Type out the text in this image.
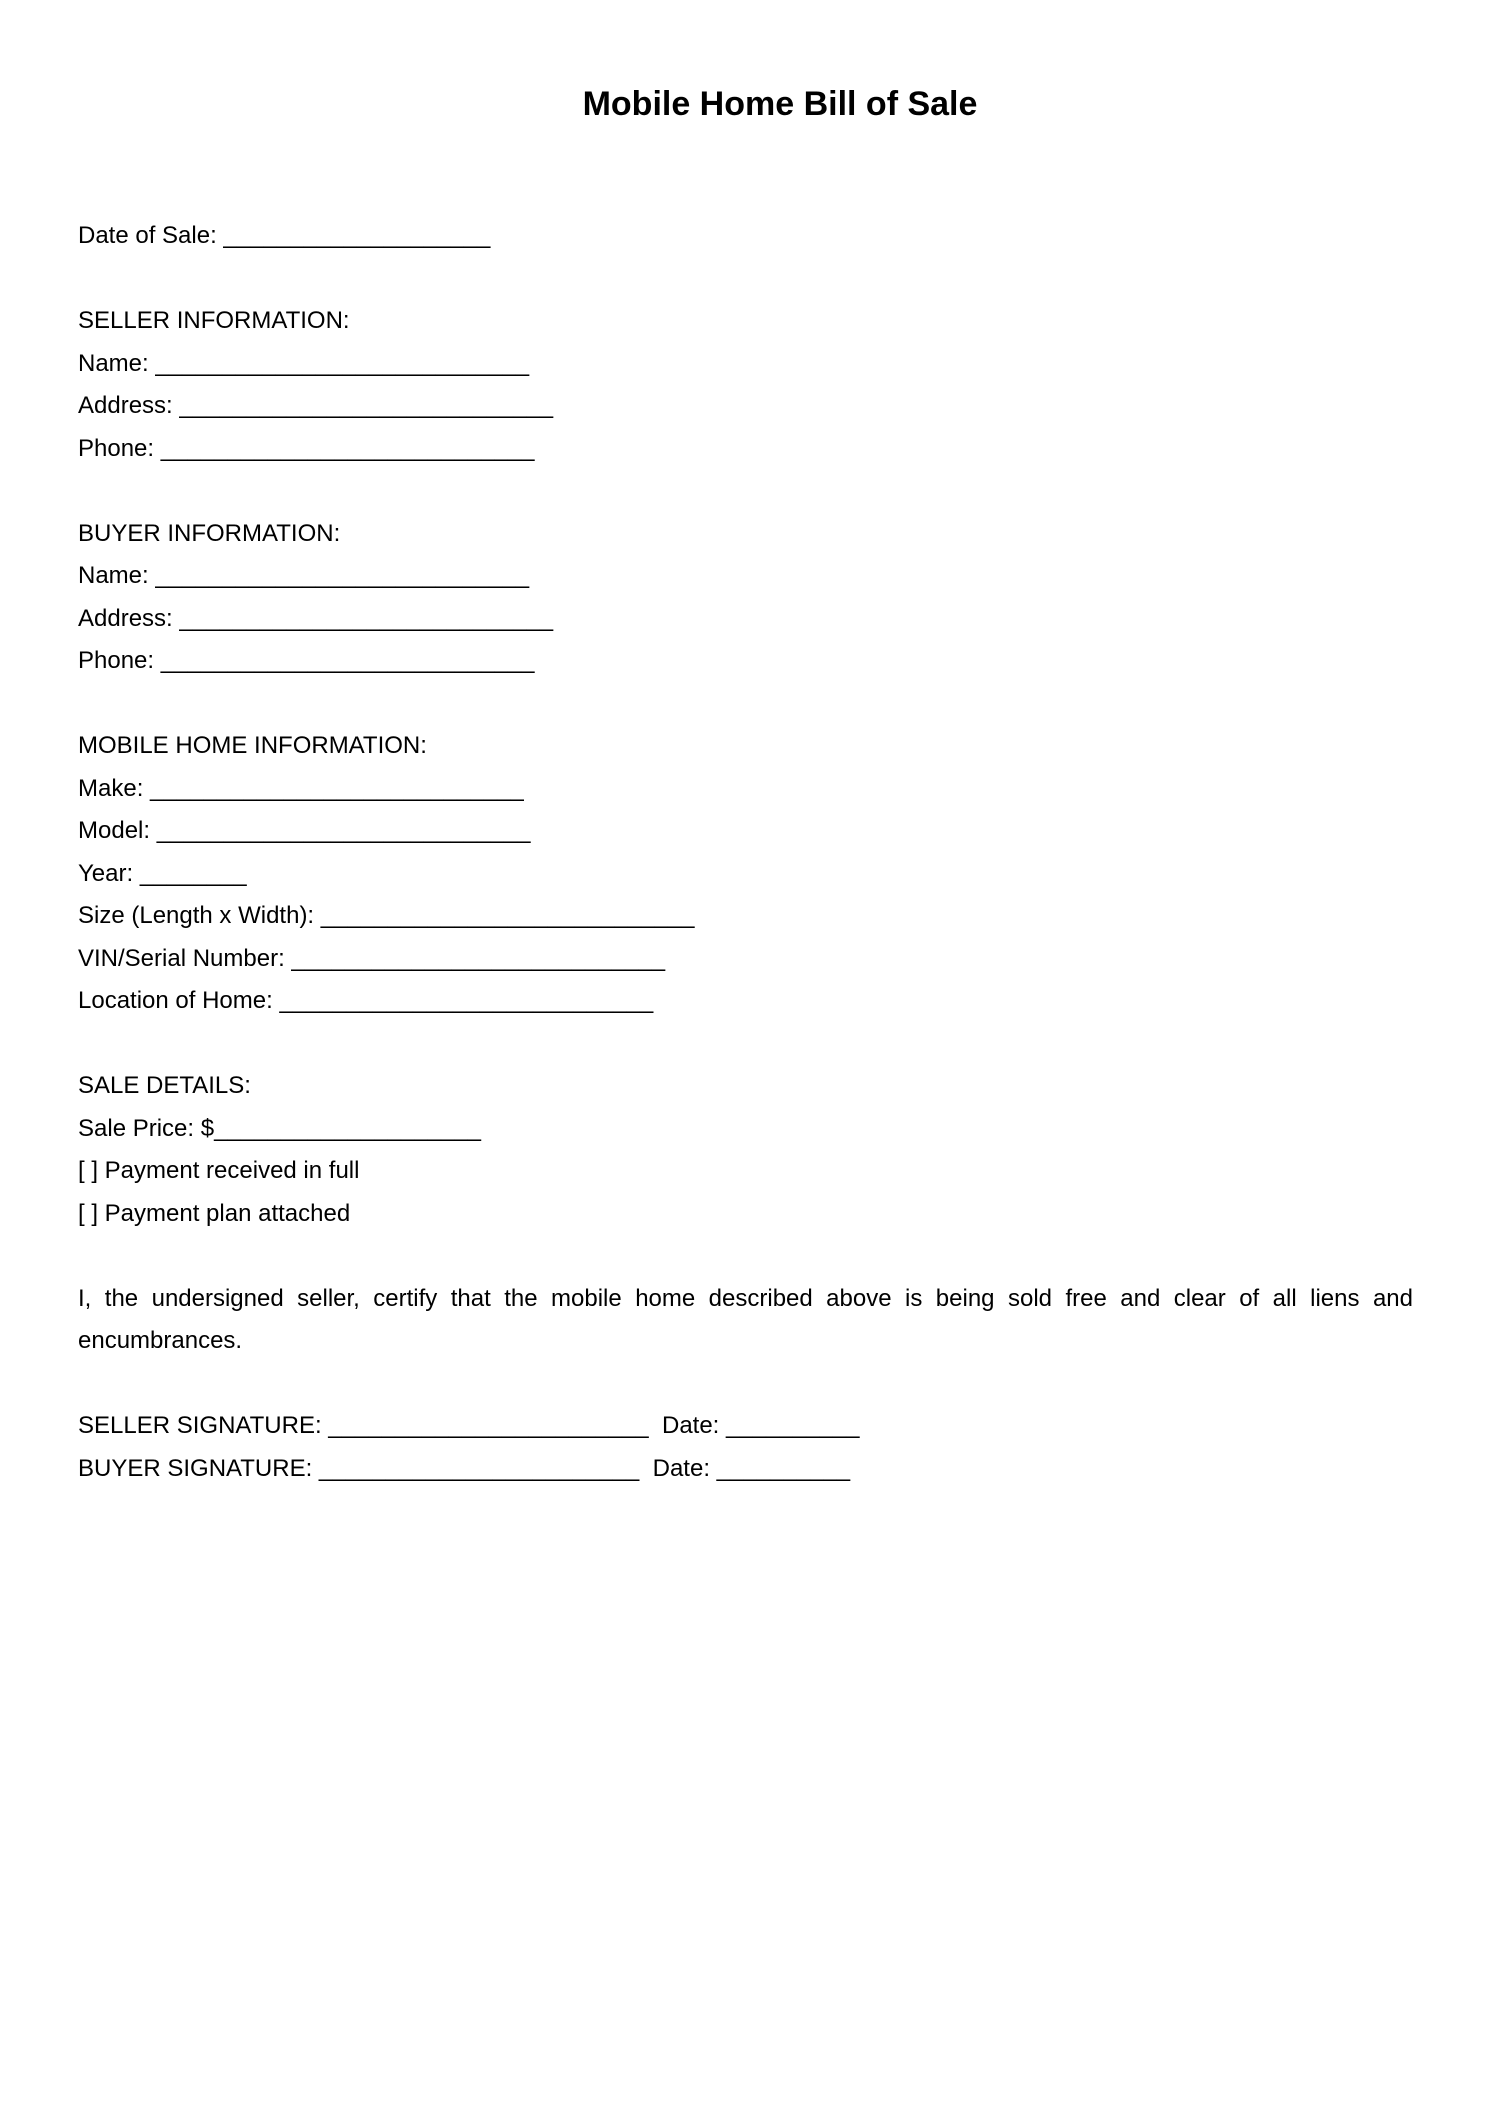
Mobile Home Bill of Sale
Date of Sale: ____________________
SELLER INFORMATION:
Name: ____________________________
Address: ____________________________
Phone: ____________________________
BUYER INFORMATION:
Name: ____________________________
Address: ____________________________
Phone: ____________________________
MOBILE HOME INFORMATION:
Make: ____________________________
Model: ____________________________
Year: ________
Size (Length x Width): ____________________________
VIN/Serial Number: ____________________________
Location of Home: ____________________________
SALE DETAILS:
Sale Price: $____________________
[ ] Payment received in full
[ ] Payment plan attached
I, the undersigned seller, certify that the mobile home described above is being sold free and clear of all liens and encumbrances.
SELLER SIGNATURE: ________________________ Date: __________
BUYER SIGNATURE: ________________________ Date: __________
